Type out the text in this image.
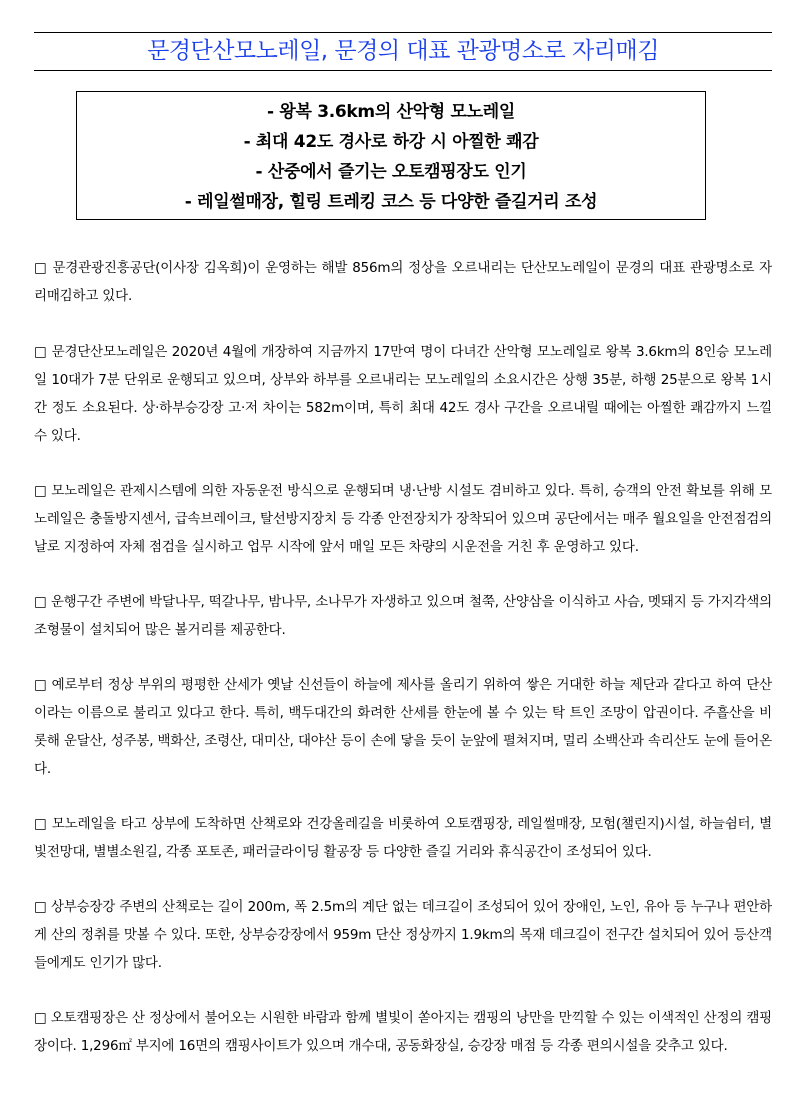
문경단산모노레일, 문경의 대표 관광명소로 자리매김
- 왕복 3.6km의 산악형 모노레일
- 최대 42도 경사로 하강 시 아찔한 쾌감
- 산중에서 즐기는 오토캠핑장도 인기
- 레일썰매장, 힐링 트레킹 코스 등 다양한 즐길거리 조성

□ 문경관광진흥공단(이사장 김옥희)이 운영하는 해발 856m의 정상을 오르내리는 단산모노레일이 문경의 대표 관광명소로 자리매김하고 있다.

□ 문경단산모노레일은 2020년 4월에 개장하여 지금까지 17만여 명이 다녀간 산악형 모노레일로 왕복 3.6km의 8인승 모노레일 10대가 7분 단위로 운행되고 있으며, 상부와 하부를 오르내리는 모노레일의 소요시간은 상행 35분, 하행 25분으로 왕복 1시간 정도 소요된다. 상·하부승강장 고·저 차이는 582m이며, 특히 최대 42도 경사 구간을 오르내릴 때에는 아찔한 쾌감까지 느낄 수 있다.

□ 모노레일은 관제시스템에 의한 자동운전 방식으로 운행되며 냉·난방 시설도 겸비하고 있다. 특히, 승객의 안전 확보를 위해 모노레일은 충돌방지센서, 급속브레이크, 탈선방지장치 등 각종 안전장치가 장착되어 있으며 공단에서는 매주 월요일을 안전점검의 날로 지정하여 자체 점검을 실시하고 업무 시작에 앞서 매일 모든 차량의 시운전을 거친 후 운영하고 있다.

□ 운행구간 주변에 박달나무, 떡갈나무, 밤나무, 소나무가 자생하고 있으며 철쭉, 산양삼을 이식하고 사슴, 멧돼지 등 가지각색의 조형물이 설치되어 많은 볼거리를 제공한다.

□ 예로부터 정상 부위의 평평한 산세가 옛날 신선들이 하늘에 제사를 올리기 위하여 쌓은 거대한 하늘 제단과 같다고 하여 단산이라는 이름으로 불리고 있다고 한다. 특히, 백두대간의 화려한 산세를 한눈에 볼 수 있는 탁 트인 조망이 압권이다. 주흘산을 비롯해 운달산, 성주봉, 백화산, 조령산, 대미산, 대야산 등이 손에 닿을 듯이 눈앞에 펼쳐지며, 멀리 소백산과 속리산도 눈에 들어온다.

□ 모노레일을 타고 상부에 도착하면 산책로와 건강올레길을 비롯하여 오토캠핑장, 레일썰매장, 모험(챌린지)시설, 하늘쉼터, 별빛전망대, 별별소원길, 각종 포토존, 패러글라이딩 활공장 등 다양한 즐길 거리와 휴식공간이 조성되어 있다.

□ 상부승장강 주변의 산책로는 길이 200m, 폭 2.5m의 계단 없는 데크길이 조성되어 있어 장애인, 노인, 유아 등 누구나 편안하게 산의 정취를 맛볼 수 있다. 또한, 상부승강장에서 959m 단산 정상까지 1.9km의 목재 데크길이 전구간 설치되어 있어 등산객들에게도 인기가 많다.

□ 오토캠핑장은 산 정상에서 불어오는 시원한 바람과 함께 별빛이 쏟아지는 캠핑의 낭만을 만끽할 수 있는 이색적인 산정의 캠핑장이다. 1,296㎡ 부지에 16면의 캠핑사이트가 있으며 개수대, 공동화장실, 승강장 매점 등 각종 편의시설을 갖추고 있다.
